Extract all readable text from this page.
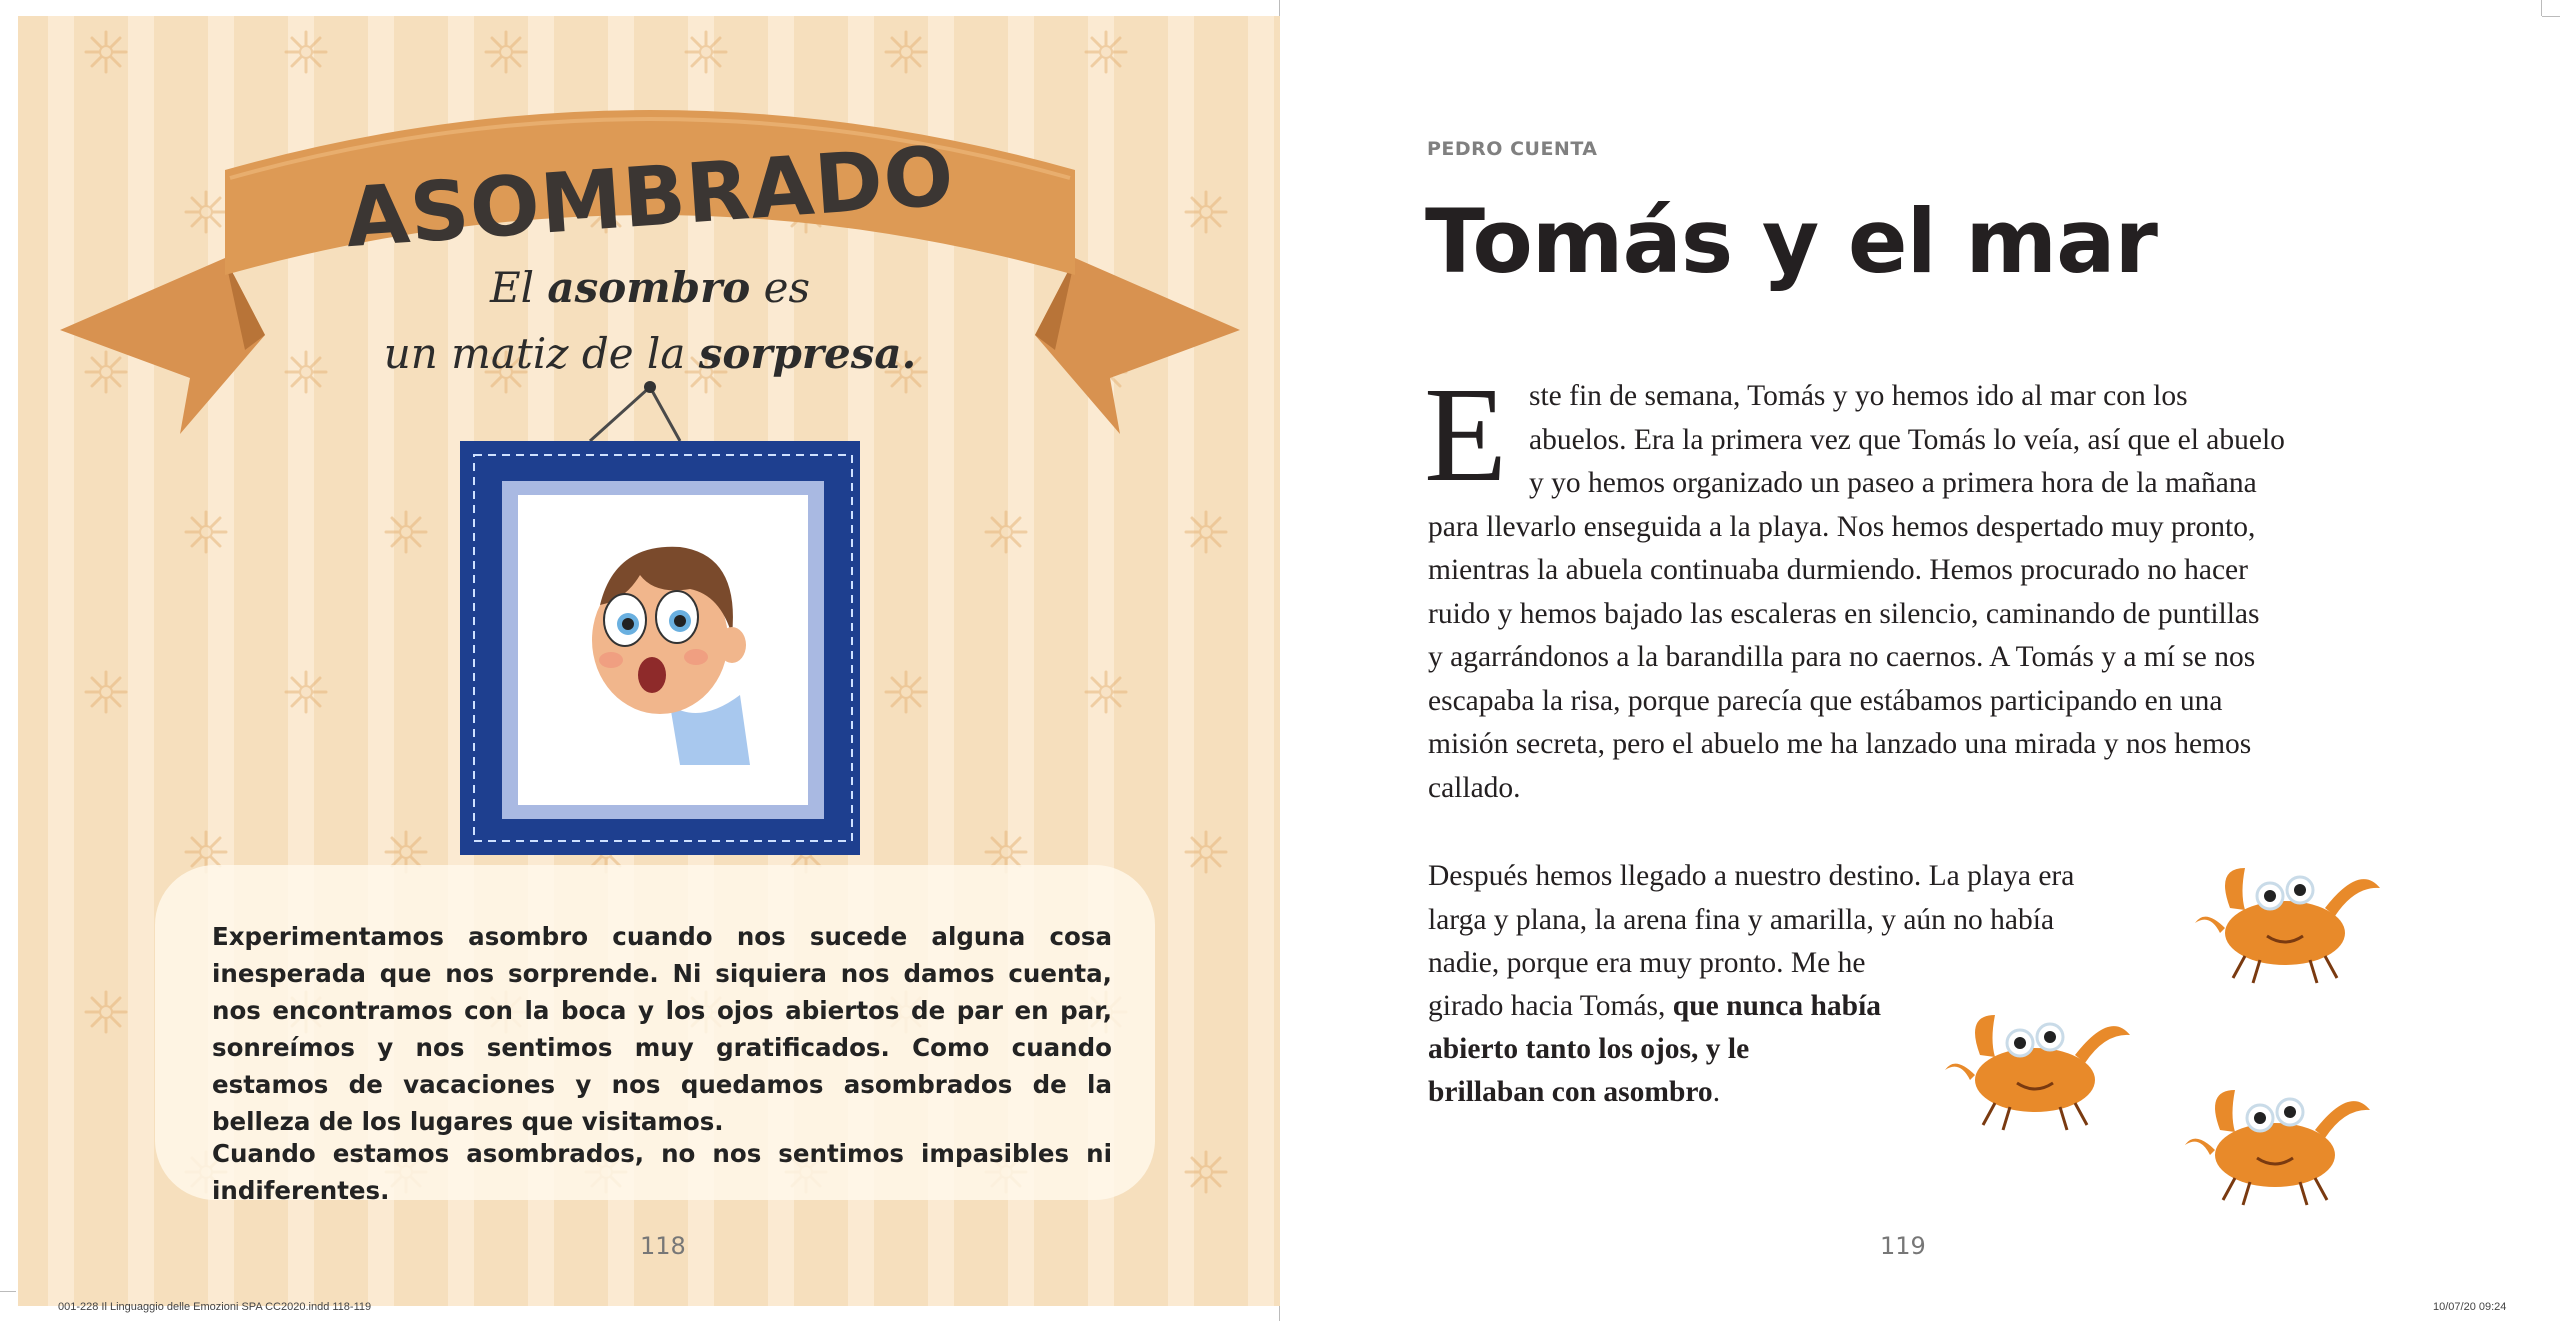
ASOMBRADO
El asombro es
un matiz de la sorpresa.

Experimentamos asombro cuando nos sucede alguna cosa inesperada que nos sorprende. Ni siquiera nos damos cuenta, nos encontramos con la boca y los ojos abiertos de par en par, sonreímos y nos sentimos muy gratificados. Como cuando estamos de vacaciones y nos quedamos asombrados de la belleza de los lugares que visitamos.

Cuando estamos asombrados, no nos sentimos impasibles ni indiferentes.

118
PEDRO CUENTA
Tomás y el mar
E ste fin de semana, Tomás y yo hemos ido al mar con los
abuelos. Era la primera vez que Tomás lo veía, así que el abuelo
y yo hemos organizado un paseo a primera hora de la mañana
para llevarlo enseguida a la playa. Nos hemos despertado muy pronto,
mientras la abuela continuaba durmiendo. Hemos procurado no hacer
ruido y hemos bajado las escaleras en silencio, caminando de puntillas
y agarrándonos a la barandilla para no caernos. A Tomás y a mí se nos
escapaba la risa, porque parecía que estábamos participando en una
misión secreta, pero el abuelo me ha lanzado una mirada y nos hemos
callado.
Después hemos llegado a nuestro destino. La playa era
larga y plana, la arena fina y amarilla, y aún no había
nadie, porque era muy pronto. Me he
girado hacia Tomás, que nunca había
abierto tanto los ojos, y le
brillaban con asombro.
119
001-228 Il Linguaggio delle Emozioni SPA CC2020.indd 118-119	10/07/20 09:24
